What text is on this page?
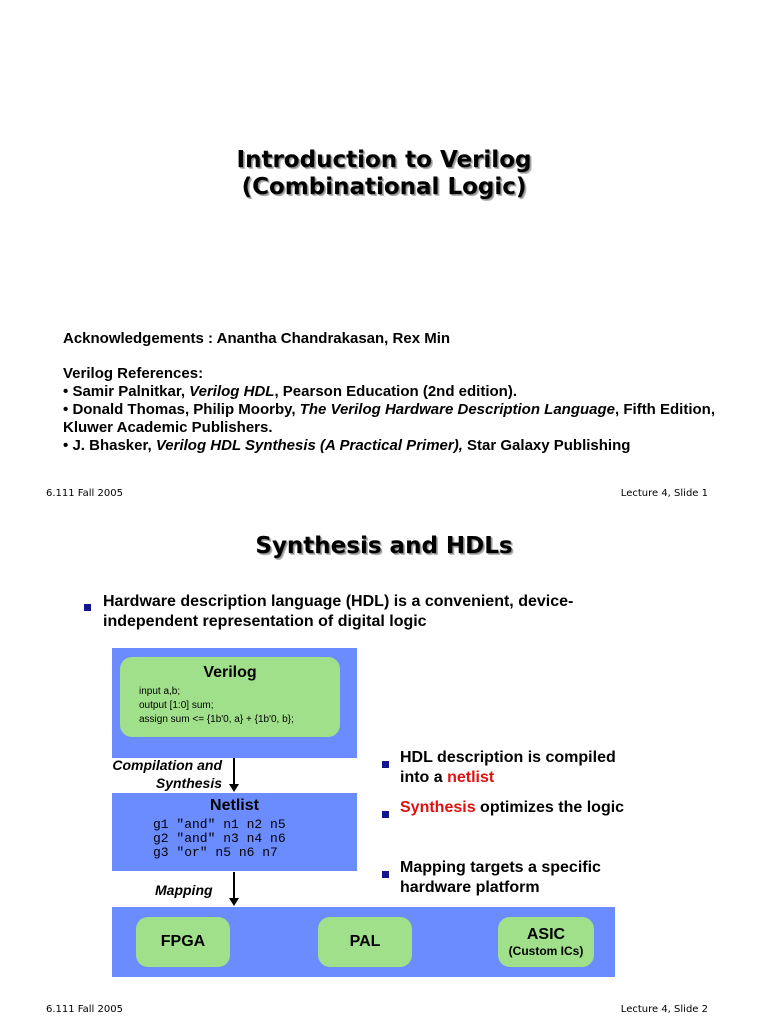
Introduction to Verilog
(Combinational Logic)
Acknowledgements : Anantha Chandrakasan, Rex Min
Verilog References:
• Samir Palnitkar, Verilog HDL, Pearson Education (2nd edition).
• Donald Thomas, Philip Moorby, The Verilog Hardware Description Language, Fifth Edition, Kluwer Academic Publishers.
• J. Bhasker, Verilog HDL Synthesis (A Practical Primer), Star Galaxy Publishing
6.111 Fall 2005	Lecture 4, Slide 1
Synthesis and HDLs
Hardware description language (HDL) is a convenient, device-
independent representation of digital logic
Verilog
input a,b;
output [1:0] sum;
assign sum <= {1b'0, a} + {1b'0, b};
Compilation and
Synthesis
Netlist
g1 "and" n1 n2 n5
g2 "and" n3 n4 n6
g3 "or" n5 n6 n7
Mapping
FPGA	PAL	ASIC
(Custom ICs)
HDL description is compiled
into a netlist
Synthesis optimizes the logic
Mapping targets a specific
hardware platform
6.111 Fall 2005	Lecture 4, Slide 2
